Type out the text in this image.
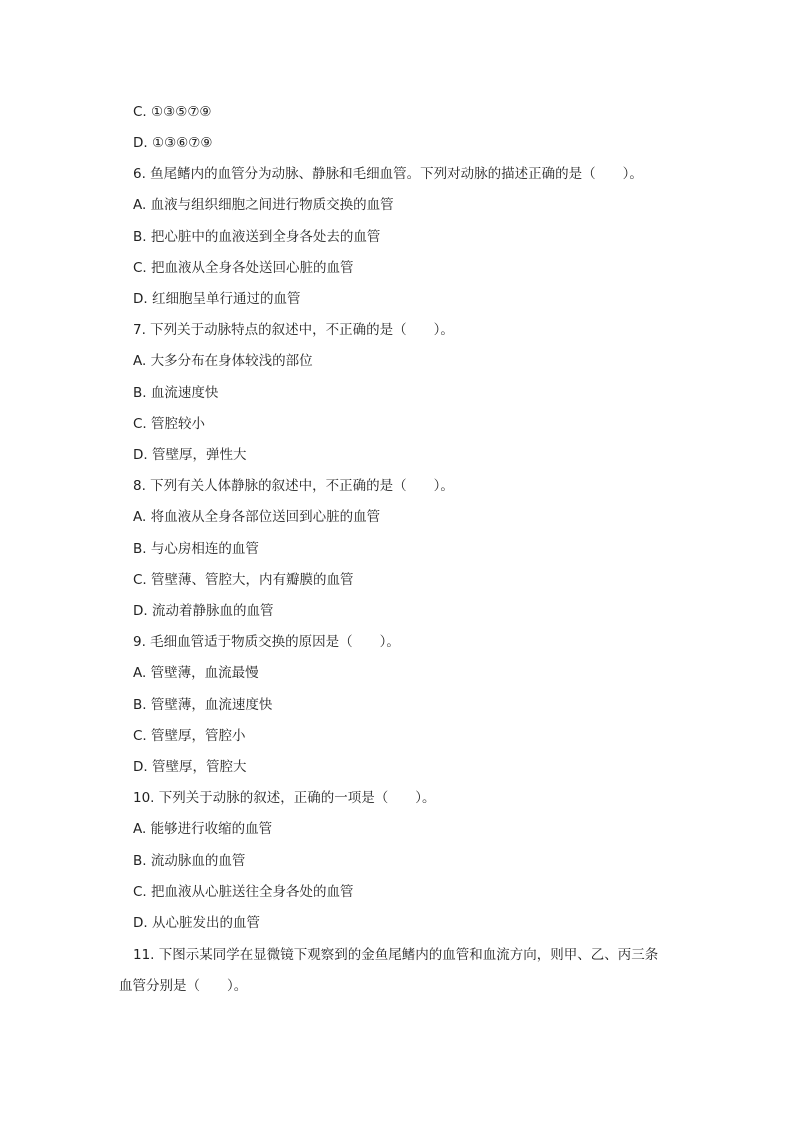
C. ①③⑤⑦⑨
D. ①③⑥⑦⑨
6. 鱼尾鳍内的血管分为动脉、静脉和毛细血管。下列对动脉的描述正确的是（　　）。
A. 血液与组织细胞之间进行物质交换的血管
B. 把心脏中的血液送到全身各处去的血管
C. 把血液从全身各处送回心脏的血管
D. 红细胞呈单行通过的血管
7. 下列关于动脉特点的叙述中，不正确的是（　　）。
A. 大多分布在身体较浅的部位
B. 血流速度快
C. 管腔较小
D. 管壁厚，弹性大
8. 下列有关人体静脉的叙述中，不正确的是（　　）。
A. 将血液从全身各部位送回到心脏的血管
B. 与心房相连的血管
C. 管壁薄、管腔大，内有瓣膜的血管
D. 流动着静脉血的血管
9. 毛细血管适于物质交换的原因是（　　）。
A. 管壁薄，血流最慢
B. 管壁薄，血流速度快
C. 管壁厚，管腔小
D. 管壁厚，管腔大
10. 下列关于动脉的叙述，正确的一项是（　　）。
A. 能够进行收缩的血管
B. 流动脉血的血管
C. 把血液从心脏送往全身各处的血管
D. 从心脏发出的血管
11. 下图示某同学在显微镜下观察到的金鱼尾鳍内的血管和血流方向，则甲、乙、丙三条
血管分别是（　　）。
